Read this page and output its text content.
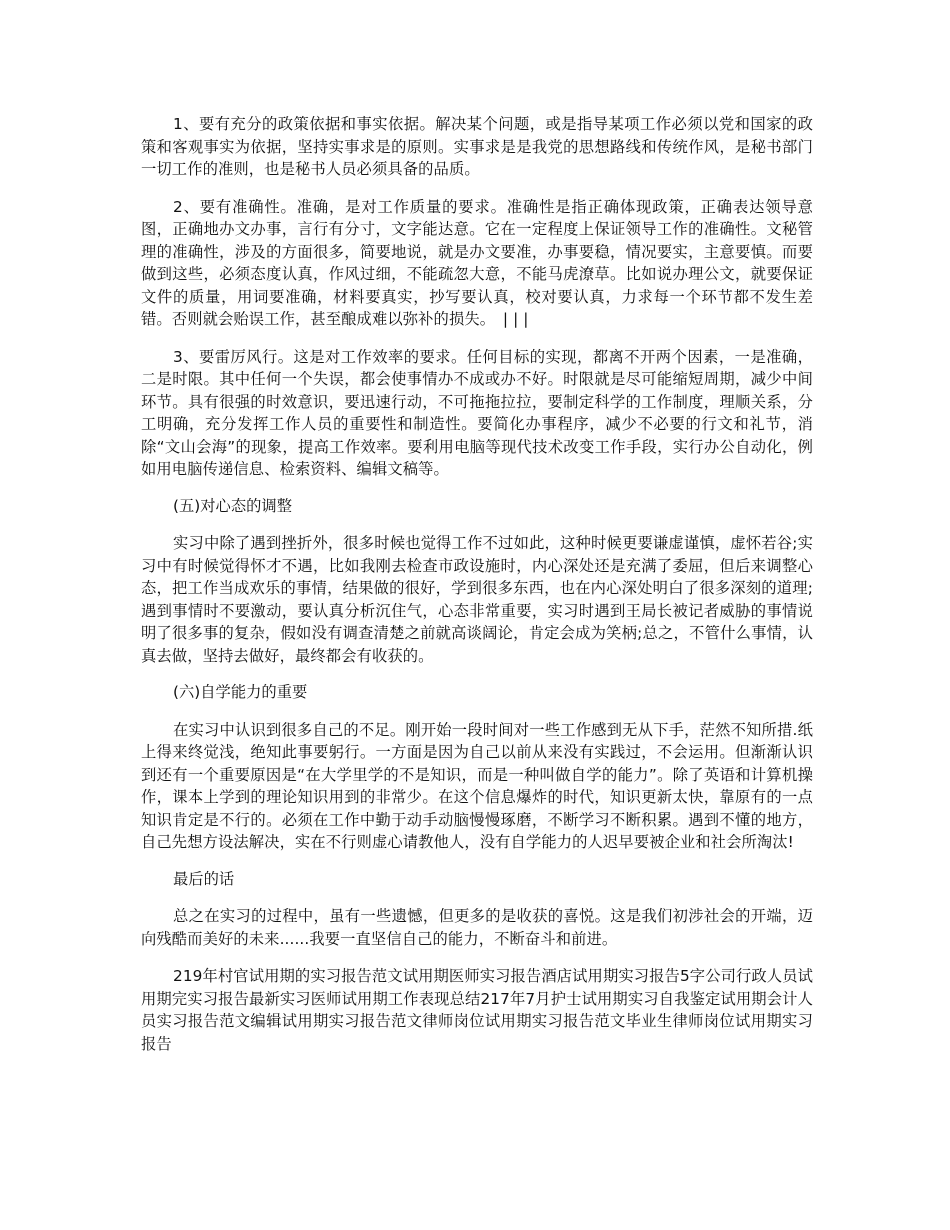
1、要有充分的政策依据和事实依据。解决某个问题，或是指导某项工作必须以党和国家的政策和客观事实为依据，坚持实事求是的原则。实事求是是我党的思想路线和传统作风，是秘书部门一切工作的准则，也是秘书人员必须具备的品质。

2、要有准确性。准确，是对工作质量的要求。准确性是指正确体现政策，正确表达领导意图，正确地办文办事，言行有分寸，文字能达意。它在一定程度上保证领导工作的准确性。文秘管理的准确性，涉及的方面很多，简要地说，就是办文要准，办事要稳，情况要实，主意要慎。而要做到这些，必须态度认真，作风过细，不能疏忽大意，不能马虎潦草。比如说办理公文，就要保证文件的质量，用词要准确，材料要真实，抄写要认真，校对要认真，力求每一个环节都不发生差错。否则就会贻误工作，甚至酿成难以弥补的损失。　| | |

3、要雷厉风行。这是对工作效率的要求。任何目标的实现，都离不开两个因素，一是准确，二是时限。其中任何一个失误，都会使事情办不成或办不好。时限就是尽可能缩短周期，减少中间环节。具有很强的时效意识，要迅速行动，不可拖拖拉拉，要制定科学的工作制度，理顺关系，分工明确，充分发挥工作人员的重要性和制造性。要简化办事程序，减少不必要的行文和礼节，消除“文山会海”的现象，提高工作效率。要利用电脑等现代技术改变工作手段，实行办公自动化，例如用电脑传递信息、检索资料、编辑文稿等。

(五)对心态的调整

实习中除了遇到挫折外，很多时候也觉得工作不过如此，这种时候更要谦虚谨慎，虚怀若谷;实习中有时候觉得怀才不遇，比如我刚去检查市政设施时，内心深处还是充满了委屈，但后来调整心态，把工作当成欢乐的事情，结果做的很好，学到很多东西，也在内心深处明白了很多深刻的道理;遇到事情时不要激动，要认真分析沉住气，心态非常重要，实习时遇到王局长被记者威胁的事情说明了很多事的复杂，假如没有调查清楚之前就高谈阔论，肯定会成为笑柄;总之，不管什么事情，认真去做，坚持去做好，最终都会有收获的。

(六)自学能力的重要

在实习中认识到很多自己的不足。刚开始一段时间对一些工作感到无从下手，茫然不知所措.纸上得来终觉浅，绝知此事要躬行。一方面是因为自己以前从来没有实践过，不会运用。但渐渐认识到还有一个重要原因是“在大学里学的不是知识，而是一种叫做自学的能力”。除了英语和计算机操作，课本上学到的理论知识用到的非常少。在这个信息爆炸的时代，知识更新太快，靠原有的一点知识肯定是不行的。必须在工作中勤于动手动脑慢慢琢磨，不断学习不断积累。遇到不懂的地方，自己先想方设法解决，实在不行则虚心请教他人，没有自学能力的人迟早要被企业和社会所淘汰!

最后的话

总之在实习的过程中，虽有一些遗憾，但更多的是收获的喜悦。这是我们初涉社会的开端，迈向残酷而美好的未来......我要一直坚信自己的能力，不断奋斗和前进。

219年村官试用期的实习报告范文试用期医师实习报告酒店试用期实习报告5字公司行政人员试用期完实习报告最新实习医师试用期工作表现总结217年7月护士试用期实习自我鉴定试用期会计人员实习报告范文编辑试用期实习报告范文律师岗位试用期实习报告范文毕业生律师岗位试用期实习报告
